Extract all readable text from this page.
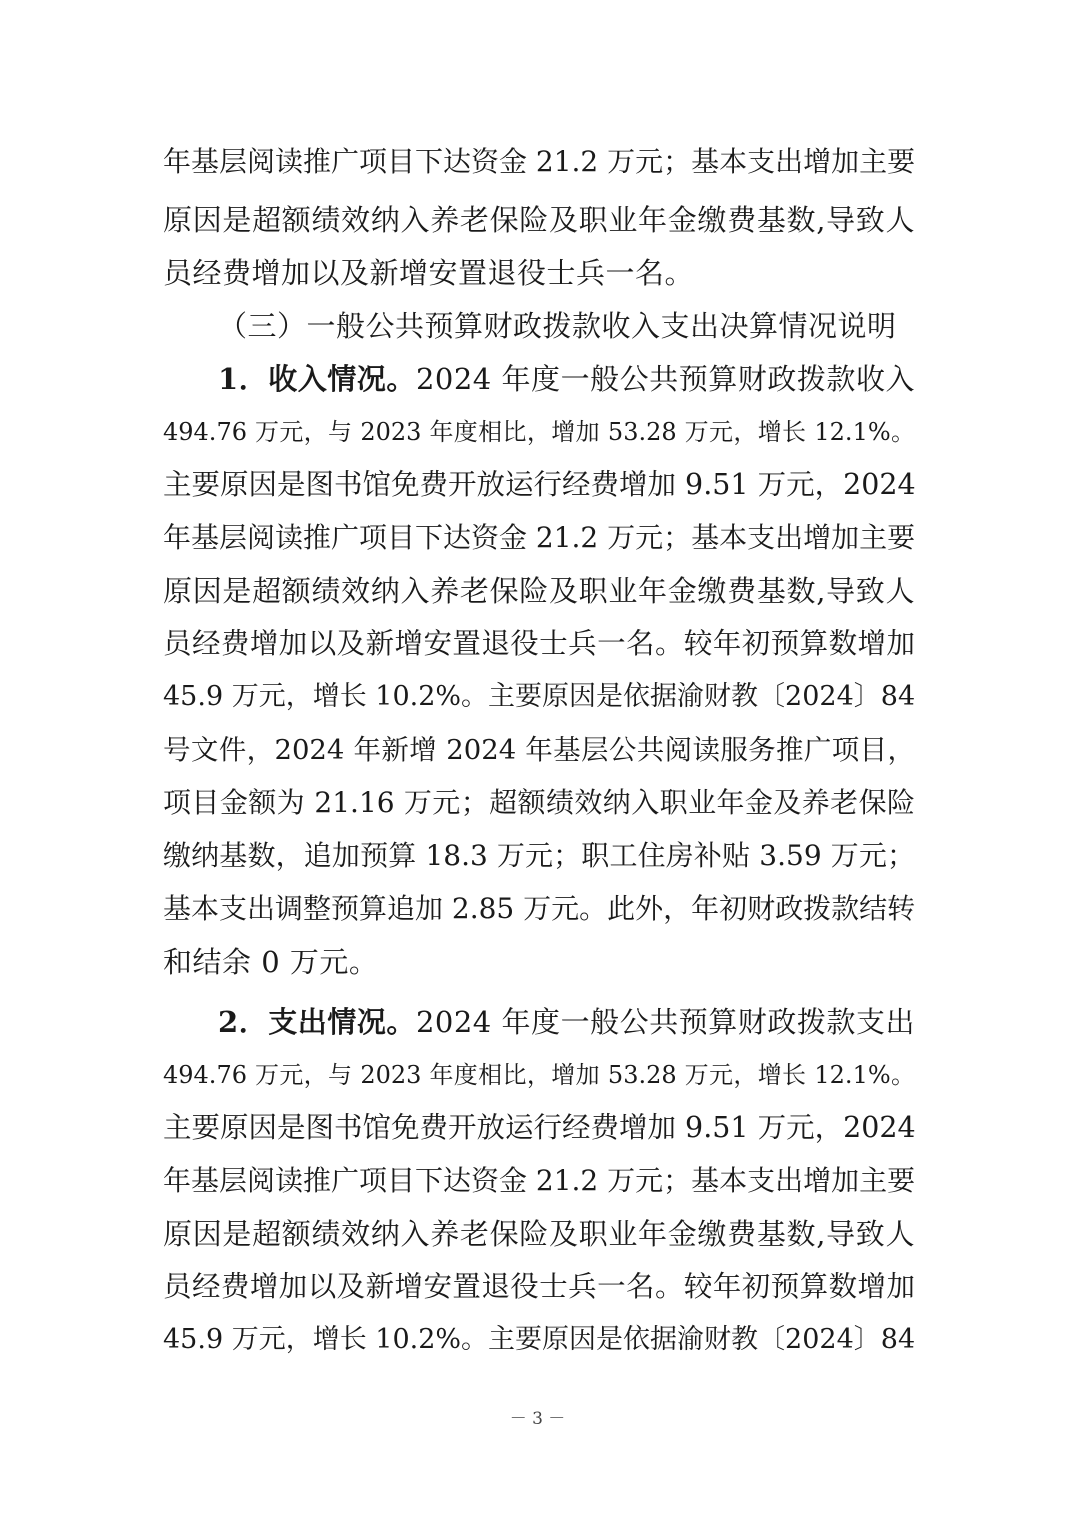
年基层阅读推广项目下达资金 21.2 万元；基本支出增加主要
原因是超额绩效纳入养老保险及职业年金缴费基数,导致人
员经费增加以及新增安置退役士兵一名。
（三）一般公共预算财政拨款收入支出决算情况说明
1．收入情况。2024 年度一般公共预算财政拨款收入
494.76 万元，与 2023 年度相比，增加 53.28 万元，增长 12.1%。
主要原因是图书馆免费开放运行经费增加 9.51 万元，2024
年基层阅读推广项目下达资金 21.2 万元；基本支出增加主要
原因是超额绩效纳入养老保险及职业年金缴费基数,导致人
员经费增加以及新增安置退役士兵一名。较年初预算数增加
45.9 万元，增长 10.2%。主要原因是依据渝财教〔2024〕84
号文件，2024 年新增 2024 年基层公共阅读服务推广项目，
项目金额为 21.16 万元；超额绩效纳入职业年金及养老保险
缴纳基数，追加预算 18.3 万元；职工住房补贴 3.59 万元；
基本支出调整预算追加 2.85 万元。此外，年初财政拨款结转
和结余 0 万元。
2．支出情况。2024 年度一般公共预算财政拨款支出
494.76 万元，与 2023 年度相比，增加 53.28 万元，增长 12.1%。
主要原因是图书馆免费开放运行经费增加 9.51 万元，2024
年基层阅读推广项目下达资金 21.2 万元；基本支出增加主要
原因是超额绩效纳入养老保险及职业年金缴费基数,导致人
员经费增加以及新增安置退役士兵一名。较年初预算数增加
45.9 万元，增长 10.2%。主要原因是依据渝财教〔2024〕84
－ 3 －
